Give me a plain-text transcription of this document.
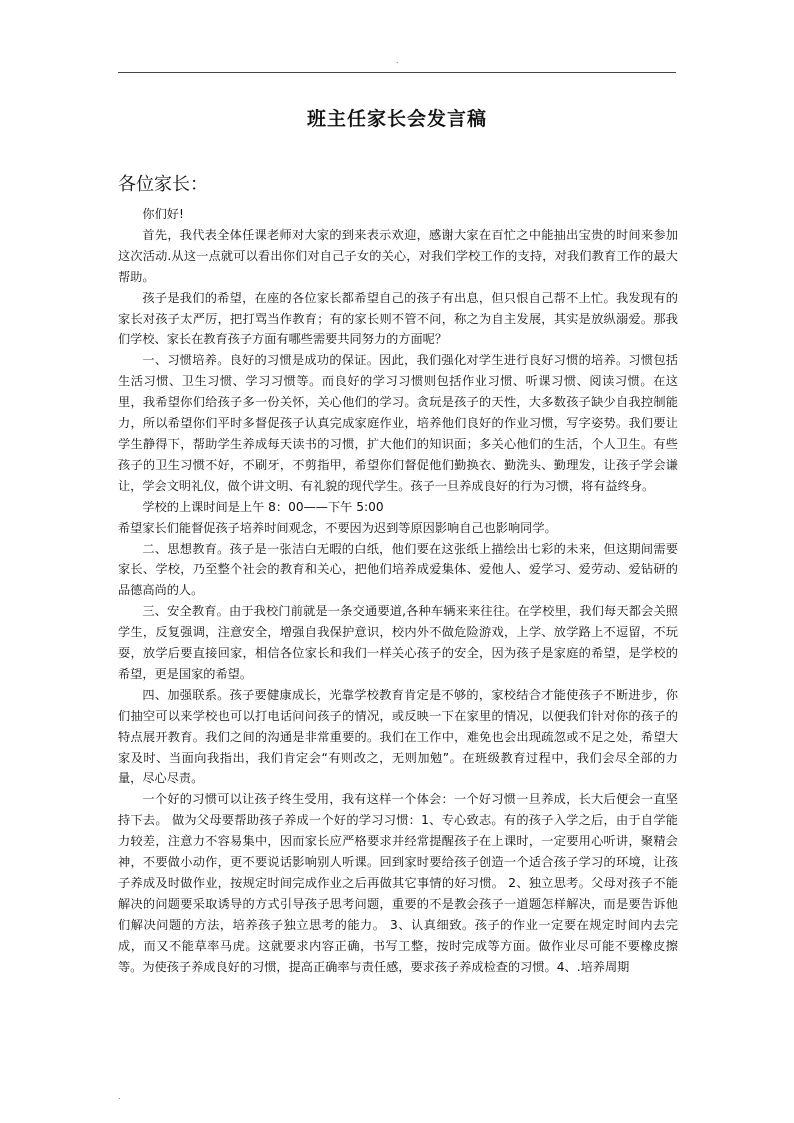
.
班主任家长会发言稿
各位家长：

你们好!

首先，我代表全体任课老师对大家的到来表示欢迎，感谢大家在百忙之中能抽出宝贵的时间来参加这次活动.从这一点就可以看出你们对自己子女的关心，对我们学校工作的支持，对我们教育工作的最大帮助。

孩子是我们的希望，在座的各位家长都希望自己的孩子有出息，但只恨自己帮不上忙。我发现有的家长对孩子太严厉，把打骂当作教育；有的家长则不管不问，称之为自主发展，其实是放纵溺爱。那我们学校、家长在教育孩子方面有哪些需要共同努力的方面呢？

一、习惯培养。良好的习惯是成功的保证。因此，我们强化对学生进行良好习惯的培养。习惯包括生活习惯、卫生习惯、学习习惯等。而良好的学习习惯则包括作业习惯、听课习惯、阅读习惯。在这里，我希望你们给孩子多一份关怀，关心他们的学习。贪玩是孩子的天性，大多数孩子缺少自我控制能力，所以希望你们平时多督促孩子认真完成家庭作业，培养他们良好的作业习惯，写字姿势。我们要让学生静得下，帮助学生养成每天读书的习惯，扩大他们的知识面；多关心他们的生活，个人卫生。有些孩子的卫生习惯不好，不刷牙，不剪指甲，希望你们督促他们勤换衣、勤洗头、勤理发，让孩子学会谦让，学会文明礼仪，做个讲文明、有礼貌的现代学生。孩子一旦养成良好的行为习惯，将有益终身。

学校的上课时间是上午 8：00——下午 5:00

希望家长们能督促孩子培养时间观念，不要因为迟到等原因影响自己也影响同学。

二、思想教育。孩子是一张洁白无暇的白纸，他们要在这张纸上描绘出七彩的未来，但这期间需要家长、学校，乃至整个社会的教育和关心，把他们培养成爱集体、爱他人、爱学习、爱劳动、爱钻研的品德高尚的人。

三、安全教育。由于我校门前就是一条交通要道,各种车辆来来往往。在学校里，我们每天都会关照学生，反复强调，注意安全，增强自我保护意识，校内外不做危险游戏，上学、放学路上不逗留，不玩耍，放学后要直接回家，相信各位家长和我们一样关心孩子的安全，因为孩子是家庭的希望，是学校的希望，更是国家的希望。

四、加强联系。孩子要健康成长，光靠学校教育肯定是不够的，家校结合才能使孩子不断进步，你们抽空可以来学校也可以打电话问问孩子的情况，或反映一下在家里的情况，以便我们针对你的孩子的特点展开教育。我们之间的沟通是非常重要的。我们在工作中，难免也会出现疏忽或不足之处，希望大家及时、当面向我指出，我们肯定会“有则改之，无则加勉”。在班级教育过程中，我们会尽全部的力量，尽心尽责。

一个好的习惯可以让孩子终生受用，我有这样一个体会：一个好习惯一旦养成，长大后便会一直坚持下去。 做为父母要帮助孩子养成一个好的学习习惯：1、专心致志。有的孩子入学之后，由于自学能力较差，注意力不容易集中，因而家长应严格要求并经常提醒孩子在上课时，一定要用心听讲，聚精会神，不要做小动作，更不要说话影响别人听课。回到家时要给孩子创造一个适合孩子学习的环境，让孩子养成及时做作业，按规定时间完成作业之后再做其它事情的好习惯。 2、独立思考。父母对孩子不能解决的问题要采取诱导的方式引导孩子思考问题，重要的不是教会孩子一道题怎样解决，而是要告诉他们解决问题的方法，培养孩子独立思考的能力。 3、认真细致。孩子的作业一定要在规定时间内去完成，而又不能草率马虎。这就要求内容正确，书写工整，按时完成等方面。做作业尽可能不要橡皮擦等。为使孩子养成良好的习惯，提高正确率与责任感，要求孩子养成检查的习惯。4、.培养周期

.
